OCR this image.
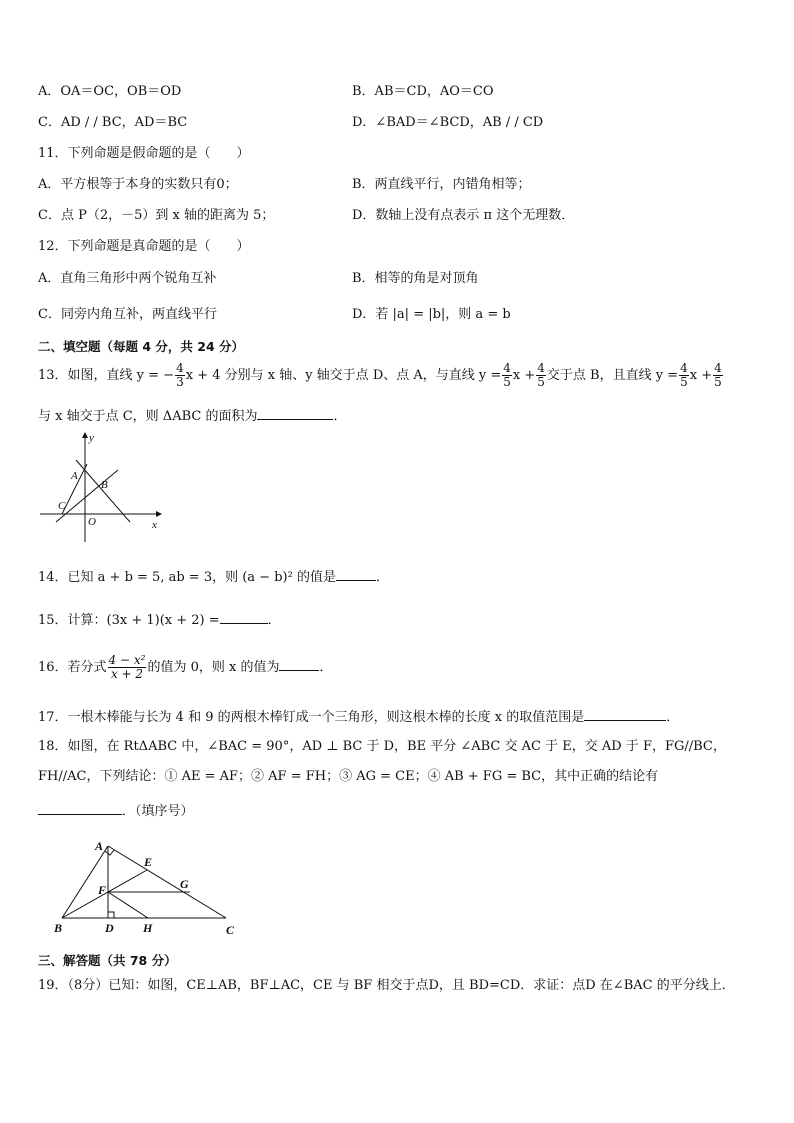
A．OA＝OC，OB＝OD	B．AB＝CD，AO＝CO
C．AD / / BC，AD＝BC	D．∠BAD＝∠BCD，AB / / CD
11．下列命题是假命题的是（　　）
A．平方根等于本身的实数只有0；	B．两直线平行，内错角相等；
C．点 P（2，－5）到 x 轴的距离为 5；	D．数轴上没有点表示 π 这个无理数．
12．下列命题是真命题的是（　　）
A．直角三角形中两个锐角互补	B．相等的角是对顶角
C．同旁内角互补，两直线平行	D．若 |a| = |b|，则 a = b
二、填空题（每题 4 分，共 24 分）
13．如图，直线 y = − $\frac{4}{3}$ x + 4 分别与 x 轴、y 轴交于点 D、点 A，与直线 $y = \frac{4}{5}$ $x + \frac{4}{5}$ 交于点 B，且直线 $y = \frac{4}{5}$ $x + \frac{4}{5}$
与 x 轴交于点 C，则 ΔABC 的面积为	．
y
x
A
B
C
O
14．已知 a + b = 5, ab = 3，则 (a − b)² 的值是	．
15．计算：(3x + 1)(x + 2) =	．
16．若分式 $\frac{\text{4 − x²}}{x + 2}$ 的值为 0，则 x 的值为	．
17．一根木棒能与长为 4 和 9 的两根木棒钉成一个三角形，则这根木棒的长度 x 的取值范围是	．
18．如图，在 RtΔABC 中，∠BAC = 90°，AD ⊥ BC 于 D，BE 平分 ∠ABC 交 AC 于 E，交 AD 于 F，FG//BC，
FH//AC，下列结论：① AE = AF；② AF = FH；③ AG = CE；④ AB + FG = BC，其中正确的结论有
．（填序号）
A
E
G
F
B	D H	C
三、解答题（共 78 分）
19．（8分）已知：如图，CE⊥AB，BF⊥AC，CE 与 BF 相交于点D，且 BD=CD．求证：点D 在∠BAC 的平分线上．
